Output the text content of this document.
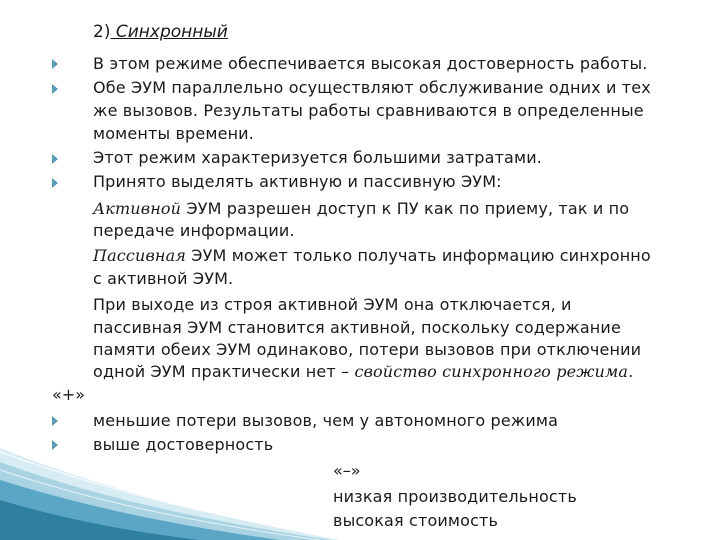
2) Синхронный
В этом режиме обеспечивается высокая достоверность работы.
Обе ЭУМ параллельно осуществляют обслуживание одних и тех
же вызовов. Результаты работы сравниваются в определенные
моменты времени.
Этот режим характеризуется большими затратами.
Принято выделять активную и пассивную ЭУМ:
Активной ЭУМ разрешен доступ к ПУ как по приему, так и по
передаче информации.
Пассивная ЭУМ может только получать информацию синхронно
с активной ЭУМ.
При выходе из строя активной ЭУМ она отключается, и
пассивная ЭУМ становится активной, поскольку содержание
памяти обеих ЭУМ одинаково, потери вызовов при отключении
одной ЭУМ практически нет – свойство синхронного режима.
«+»
меньшие потери вызовов, чем у автономного режима
выше достоверность
«–»
низкая производительность
высокая стоимость
